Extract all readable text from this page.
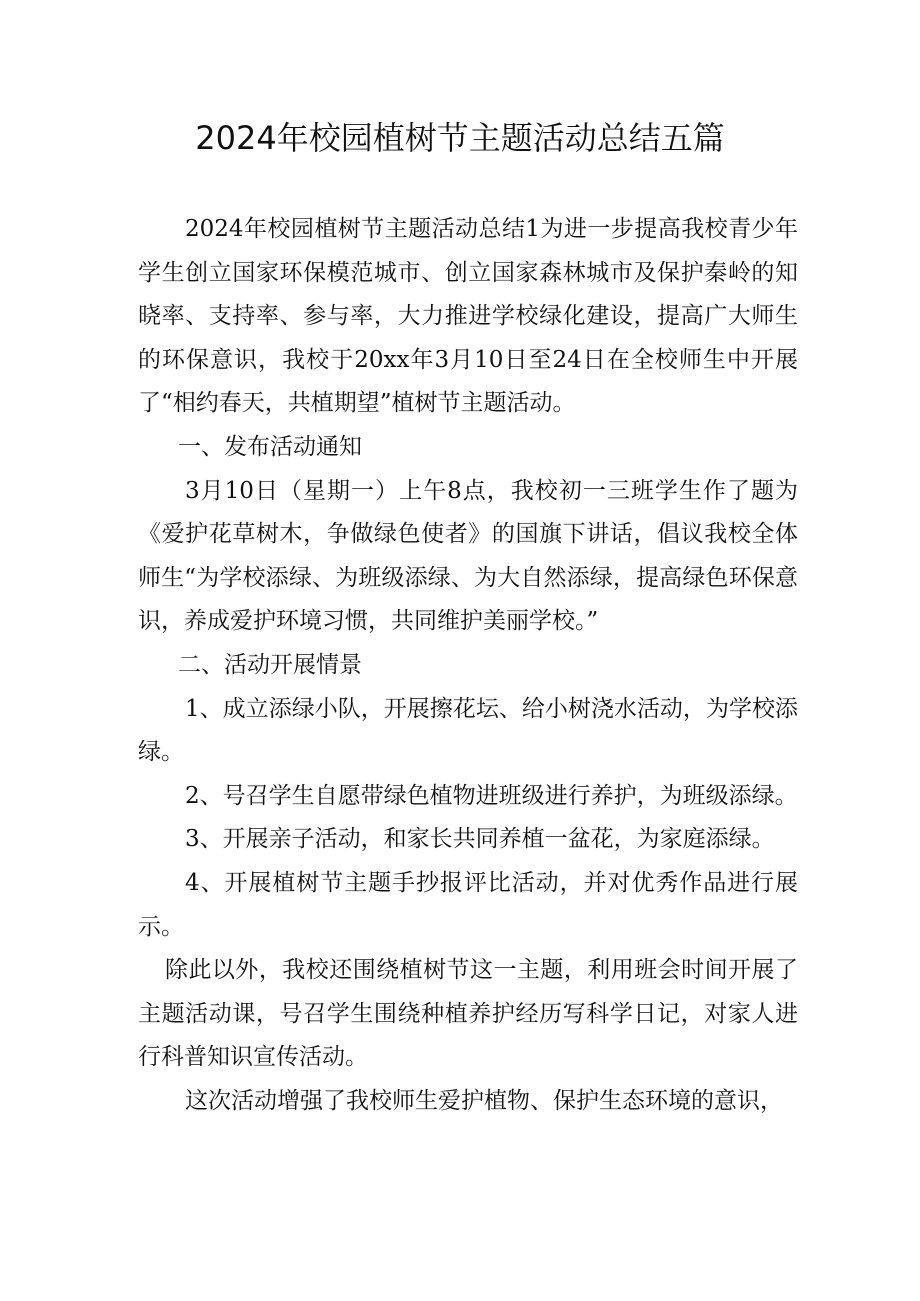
2024年校园植树节主题活动总结五篇

2024年校园植树节主题活动总结1为进一步提高我校青少年学生创立国家环保模范城市、创立国家森林城市及保护秦岭的知晓率、支持率、参与率，大力推进学校绿化建设，提高广大师生的环保意识，我校于20xx年3月10日至24日在全校师生中开展了“相约春天，共植期望”植树节主题活动。

一、发布活动通知

3月10日（星期一）上午8点，我校初一三班学生作了题为《爱护花草树木，争做绿色使者》的国旗下讲话，倡议我校全体师生“为学校添绿、为班级添绿、为大自然添绿，提高绿色环保意识，养成爱护环境习惯，共同维护美丽学校。”

二、活动开展情景

1、成立添绿小队，开展擦花坛、给小树浇水活动，为学校添绿。

2、号召学生自愿带绿色植物进班级进行养护，为班级添绿。

3、开展亲子活动，和家长共同养植一盆花，为家庭添绿。

4、开展植树节主题手抄报评比活动，并对优秀作品进行展示。

除此以外，我校还围绕植树节这一主题，利用班会时间开展了主题活动课，号召学生围绕种植养护经历写科学日记，对家人进行科普知识宣传活动。

这次活动增强了我校师生爱护植物、保护生态环境的意识，
